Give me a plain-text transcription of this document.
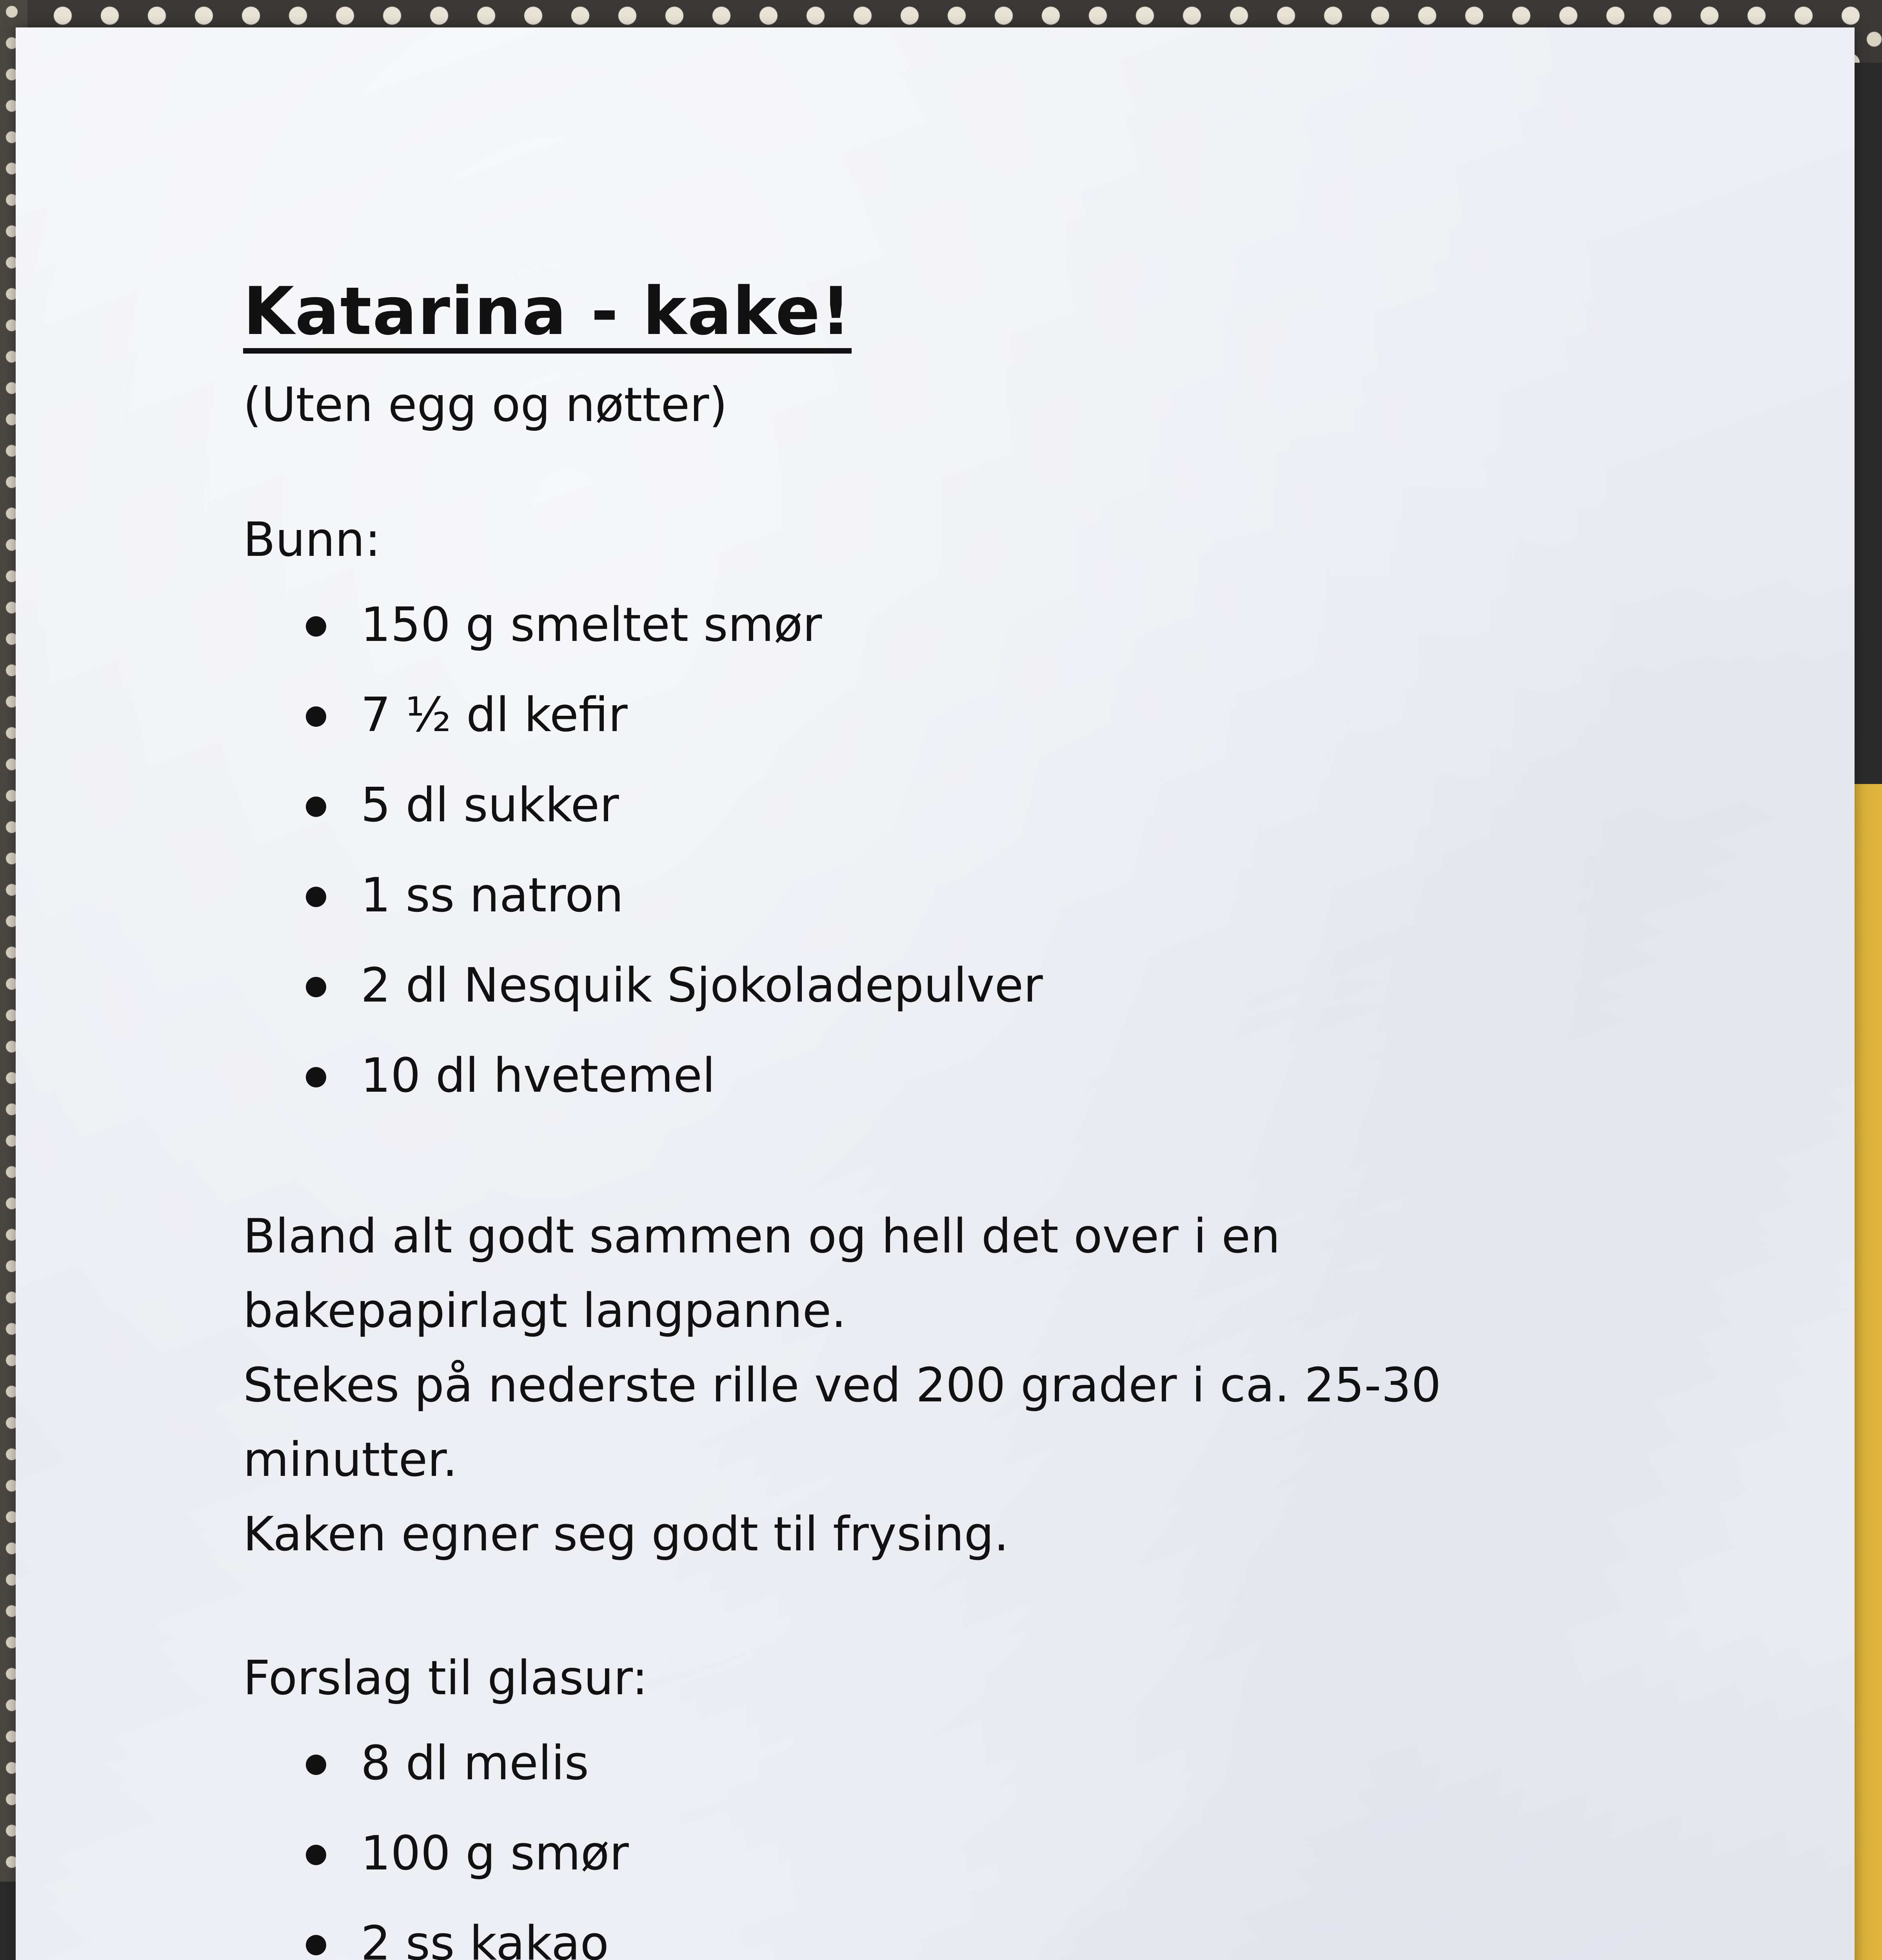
Katarina - kake!
(Uten egg og nøtter)
Bunn:
150 g smeltet smør
7 ½ dl kefir
5 dl sukker
1 ss natron
2 dl Nesquik Sjokoladepulver
10 dl hvetemel

Bland alt godt sammen og hell det over i en

bakepapirlagt langpanne.

Stekes på nederste rille ved 200 grader i ca. 25-30

minutter.

Kaken egner seg godt til frysing.

Forslag til glasur:
8 dl melis
100 g smør
2 ss kakao
